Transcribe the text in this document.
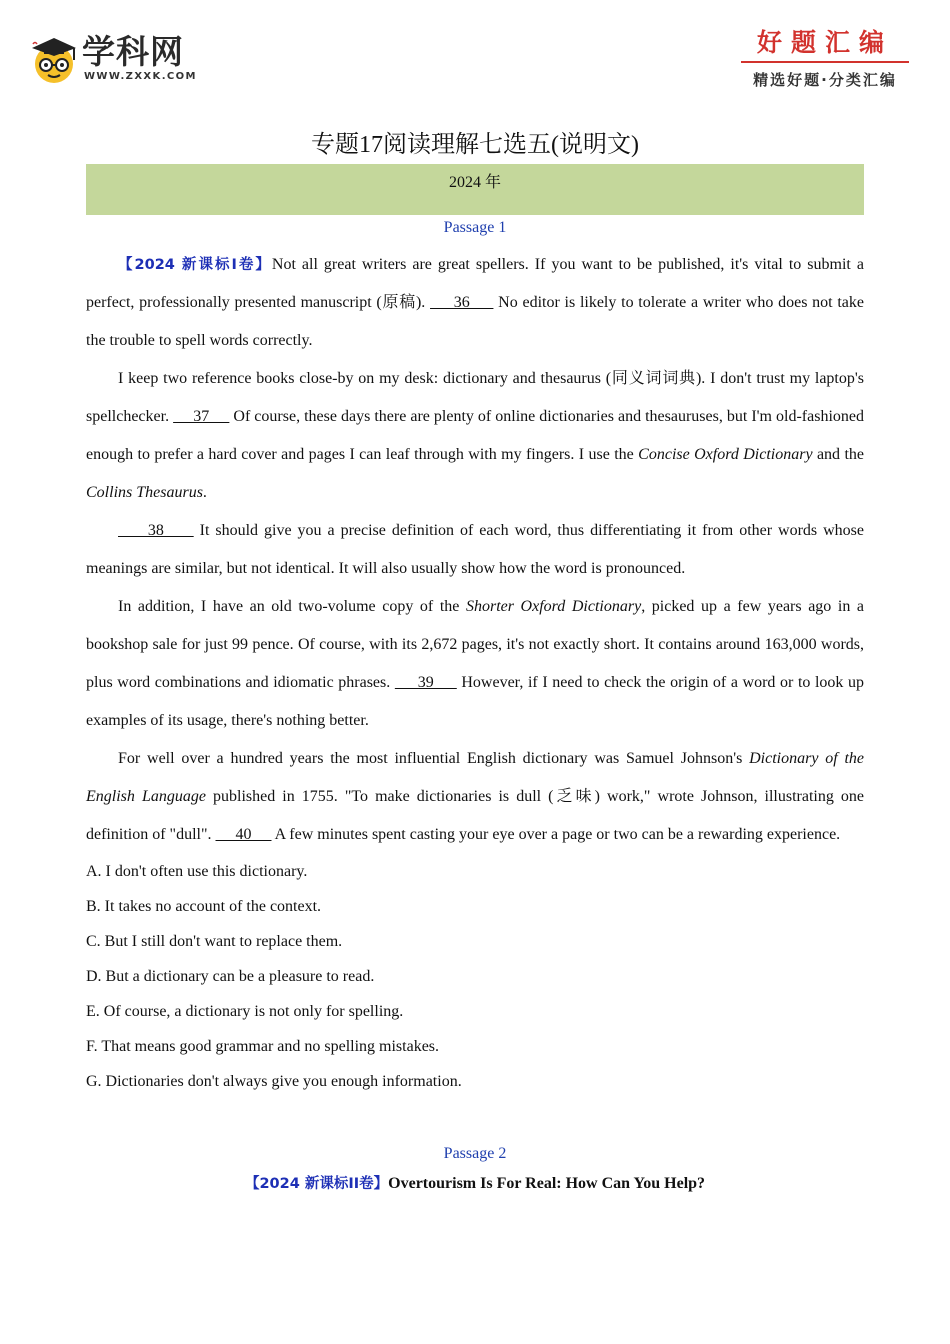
学科网
WWW.ZXXK.COM
好题汇编
精选好题·分类汇编
专题17阅读理解七选五(说明文)
2024 年

Passage 1

【2024 新课标Ⅰ卷】Not all great writers are great spellers. If you want to be published, it's vital to submit a perfect, professionally presented manuscript (原稿).      36      No editor is likely to tolerate a writer who does not take the trouble to spell words correctly.

I keep two reference books close-by on my desk: dictionary and thesaurus (同义词词典). I don't trust my laptop's spellchecker.      37      Of course, these days there are plenty of online dictionaries and thesauruses, but I'm old-fashioned enough to prefer a hard cover and pages I can leaf through with my fingers. I use the Concise Oxford Dictionary and the Collins Thesaurus.

38      It should give you a precise definition of each word, thus differentiating it from other words whose meanings are similar, but not identical. It will also usually show how the word is pronounced.

In addition, I have an old two-volume copy of the Shorter Oxford Dictionary, picked up a few years ago in a bookshop sale for just 99 pence. Of course, with its 2,672 pages, it's not exactly short. It contains around 163,000 words, plus word combinations and idiomatic phrases.      39      However, if I need to check the origin of a word or to look up examples of its usage, there's nothing better.

For well over a hundred years the most influential English dictionary was Samuel Johnson's Dictionary of the English Language published in 1755. "To make dictionaries is dull (乏味) work," wrote Johnson, illustrating one definition of "dull".      40      A few minutes spent casting your eye over a page or two can be a rewarding experience.

A. I don't often use this dictionary.

B. It takes no account of the context.

C. But I still don't want to replace them.

D. But a dictionary can be a pleasure to read.

E. Of course, a dictionary is not only for spelling.

F. That means good grammar and no spelling mistakes.

G. Dictionaries don't always give you enough information.

Passage 2

【2024 新课标ⅠⅠ卷】Overtourism Is For Real: How Can You Help?
